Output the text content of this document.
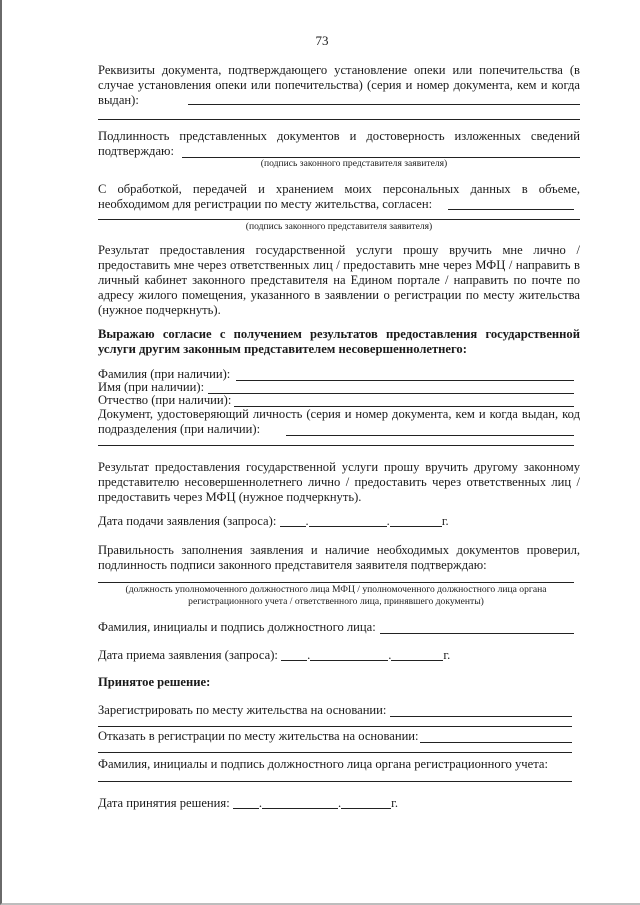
73
Реквизиты документа, подтверждающего установление опеки или попечительства (в случае установления опеки или попечительства) (серия и номер документа, кем и когда выдан):
Подлинность представленных документов и достоверность изложенных сведений подтверждаю:
(подпись законного представителя заявителя)
С обработкой, передачей и хранением моих персональных данных в объеме, необходимом для регистрации по месту жительства, согласен:
(подпись законного представителя заявителя)
Результат предоставления государственной услуги прошу вручить мне лично / предоставить мне через ответственных лиц / предоставить мне через МФЦ / направить в личный кабинет законного представителя на Едином портале / направить по почте по адресу жилого помещения, указанного в заявлении о регистрации по месту жительства (нужное подчеркнуть).
Выражаю согласие с получением результатов предоставления государственной услуги другим законным представителем несовершеннолетнего:
Фамилия (при наличии):
Имя (при наличии):
Отчество (при наличии):
Документ, удостоверяющий личность (серия и номер документа, кем и когда выдан, код подразделения (при наличии):
Результат предоставления государственной услуги прошу вручить другому законному представителю несовершеннолетнего лично / предоставить через ответственных лиц / предоставить через МФЦ (нужное подчеркнуть).
Дата подачи заявления (запроса): .	.	г.
Правильность заполнения заявления и наличие необходимых документов проверил, подлинность подписи законного представителя заявителя подтверждаю:
(должность уполномоченного должностного лица МФЦ / уполномоченного должностного лица органа
регистрационного учета / ответственного лица, принявшего документы)
Фамилия, инициалы и подпись должностного лица:
Дата приема заявления (запроса): .	.	г.
Принятое решение:
Зарегистрировать по месту жительства на основании:
Отказать в регистрации по месту жительства на основании:
Фамилия, инициалы и подпись должностного лица органа регистрационного учета:
Дата принятия решения: .	.	г.
